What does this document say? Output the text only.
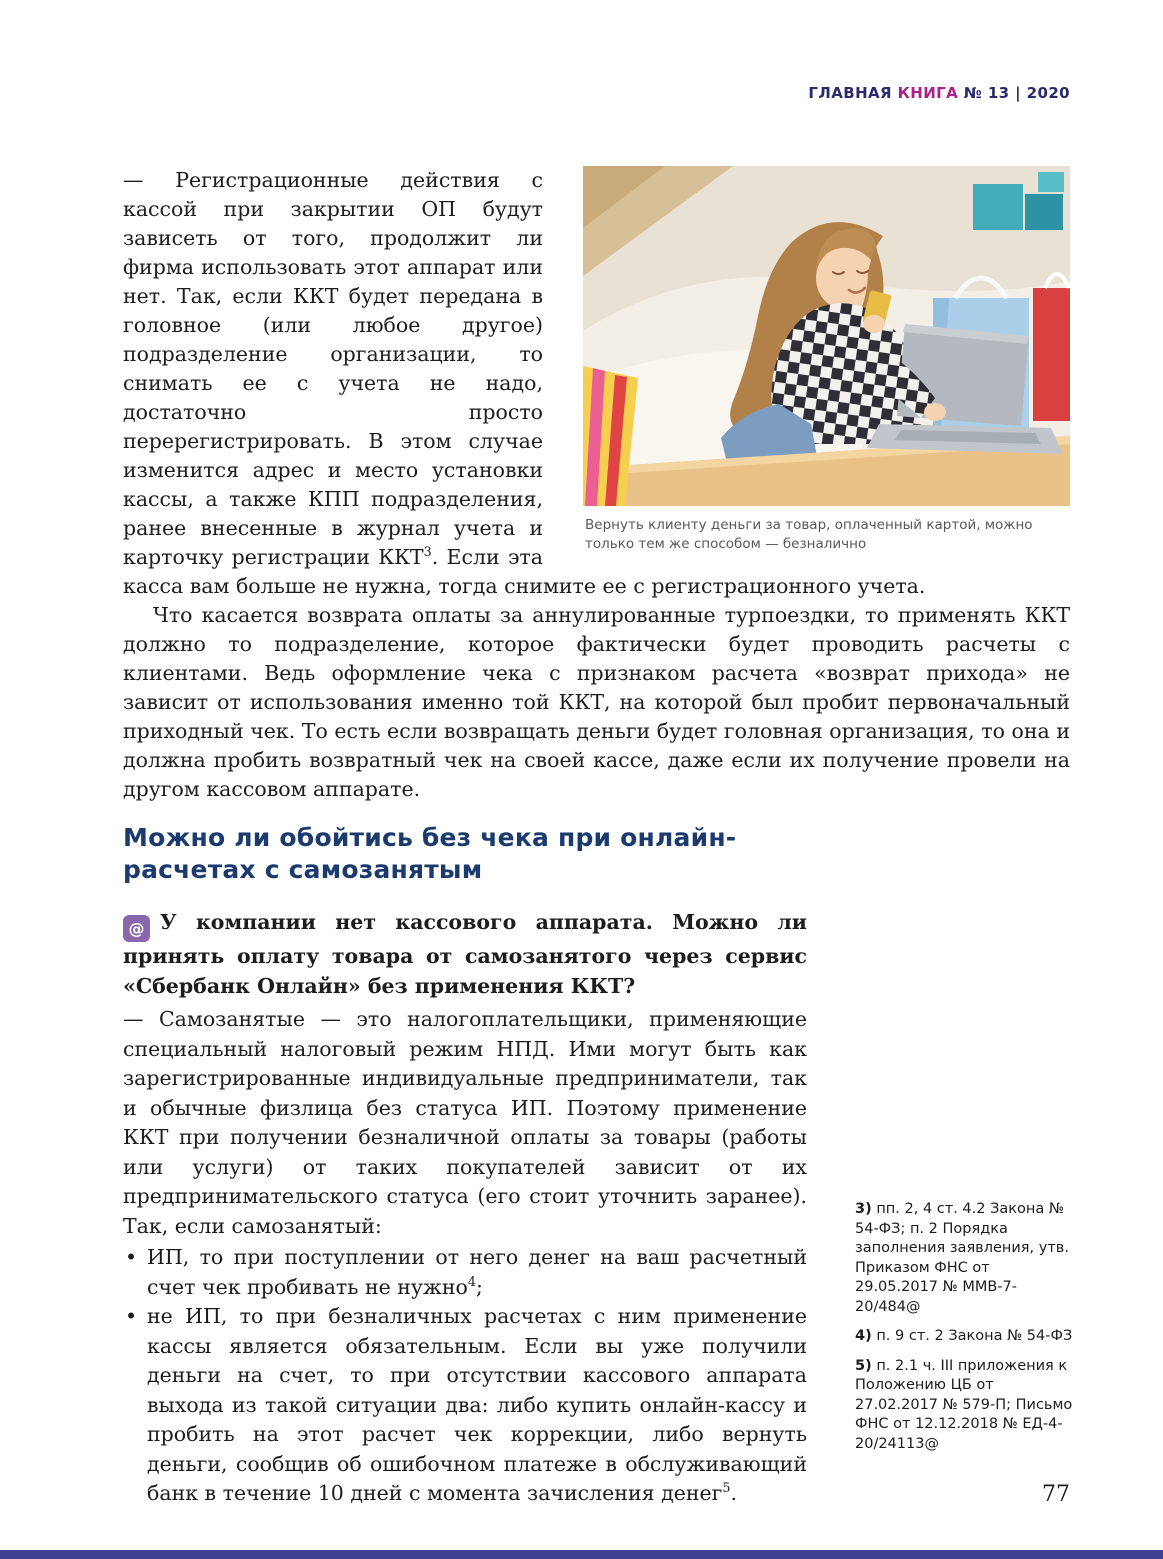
ГЛАВНАЯ КНИГА № 13 | 2020
Вернуть клиенту деньги за товар, оплаченный картой, можно только тем же способом — безналично

— Регистрационные действия с кассой при закрытии ОП будут зависеть от того, продолжит ли фирма использовать этот аппарат или нет. Так, если ККТ будет передана в головное (или любое другое) подразделение организации, то снимать ее с учета не надо, достаточно просто перерегистрировать. В этом случае изменится адрес и место установки кассы, а также КПП подразделения, ранее внесенные в журнал учета и карточку регистрации ККТ$^3$. Если эта касса вам больше не нужна, тогда снимите ее с регистрационного учета.

Что касается возврата оплаты за аннулированные турпоездки, то применять ККТ должно то подразделение, которое фактически будет проводить расчеты с клиентами. Ведь оформление чека с признаком расчета «возврат прихода» не зависит от использования именно той ККТ, на которой был пробит первоначальный приходный чек. То есть если возвращать деньги будет головная организация, то она и должна пробить возвратный чек на своей кассе, даже если их получение провели на другом кассовом аппарате.

Можно ли обойтись без чека при онлайн-расчетах с самозанятым

@ У компании нет кассового аппарата. Можно ли принять оплату товара от самозанятого через сервис «Сбербанк Онлайн» без применения ККТ?

— Самозанятые — это налогоплательщики, применяющие специальный налоговый режим НПД. Ими могут быть как зарегистрированные индивидуальные предприниматели, так и обычные физлица без статуса ИП. Поэтому применение ККТ при получении безналичной оплаты за товары (работы или услуги) от таких покупателей зависит от их предпринимательского статуса (его стоит уточнить заранее). Так, если самозанятый:

• ИП, то при поступлении от него денег на ваш расчетный счет чек пробивать не нужно$^4$;
• не ИП, то при безналичных расчетах с ним применение кассы является обязательным. Если вы уже получили деньги на счет, то при отсутствии кассового аппарата выхода из такой ситуации два: либо купить онлайн-кассу и пробить на этот расчет чек коррекции, либо вернуть деньги, сообщив об ошибочном платеже в обслуживающий банк в течение 10 дней с момента зачисления денег$^5$.

3) пп. 2, 4 ст. 4.2 Закона № 54-ФЗ; п. 2 Порядка заполнения заявления, утв. Приказом ФНС от 29.05.2017 № ММВ-7-20/484@

4) п. 9 ст. 2 Закона № 54-ФЗ

5) п. 2.1 ч. III приложения к Положению ЦБ от 27.02.2017 № 579-П; Письмо ФНС от 12.12.2018 № ЕД-4-20/24113@

77
